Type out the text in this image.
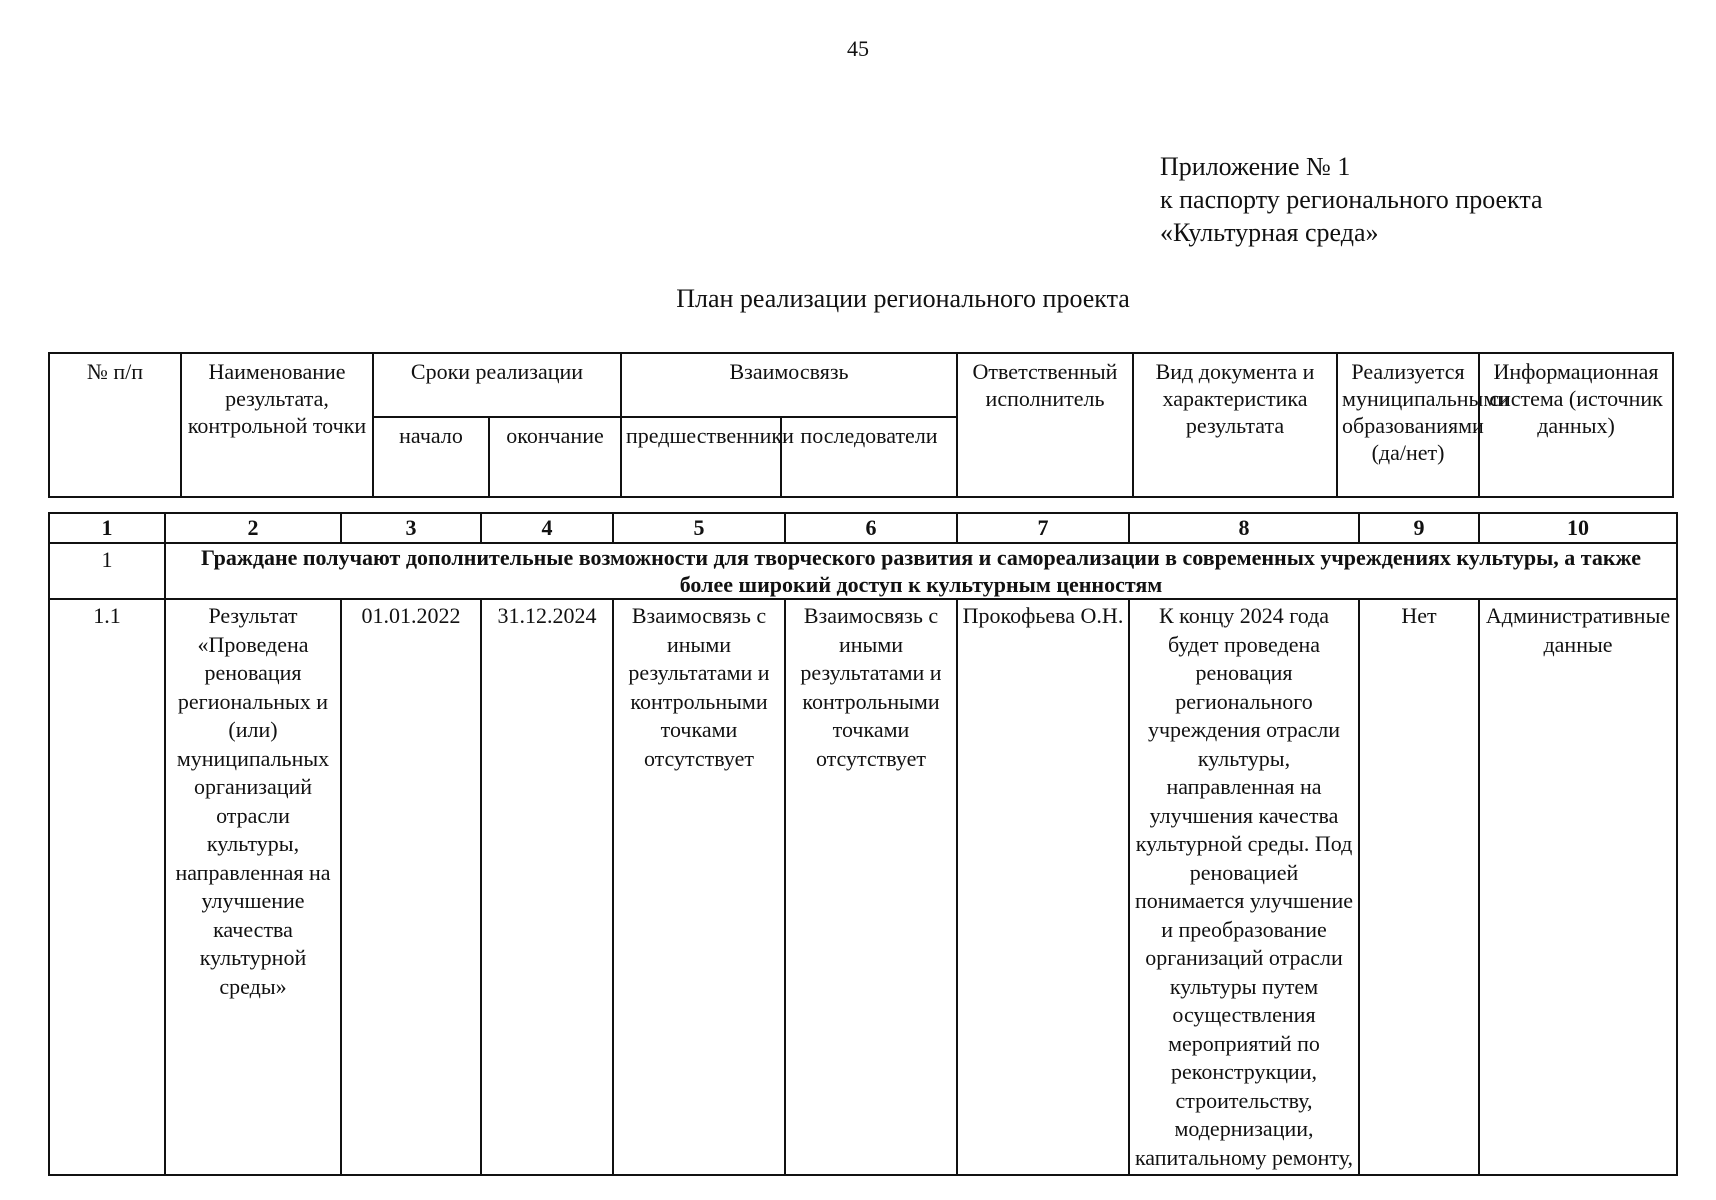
45
Приложение № 1
к паспорту регионального проекта
«Культурная среда»
План реализации регионального проекта
№ п/п	Наименование результата, контрольной точки	Сроки реализации		Взаимосвязь		Ответственный исполнитель	Вид документа и характеристика результата	Реализуется муниципальными образованиями (да/нет)	Информационная система (источник данных)
		начало	окончание	предшественники	последователи				
1	2	3	4	5	6	7	8	9	10
1	Граждане получают дополнительные возможности для творческого развития и самореализации в современных учреждениях культуры, а также более широкий доступ к культурным ценностям								
1.1	Результат «Проведена реновация региональных и (или) муниципальных организаций отрасли культуры, направленная на улучшение качества культурной среды»	01.01.2022	31.12.2024	Взаимосвязь с иными результатами и контрольными точками отсутствует	Взаимосвязь с иными результатами и контрольными точками отсутствует	Прокофьева О.Н.	К концу 2024 года будет проведена реновация регионального учреждения отрасли культуры, направленная на улучшения качества культурной среды. Под реновацией понимается улучшение и преобразование организаций отрасли культуры путем осуществления мероприятий по реконструкции, строительству, модернизации, капитальному ремонту,	Нет	Административные данные
